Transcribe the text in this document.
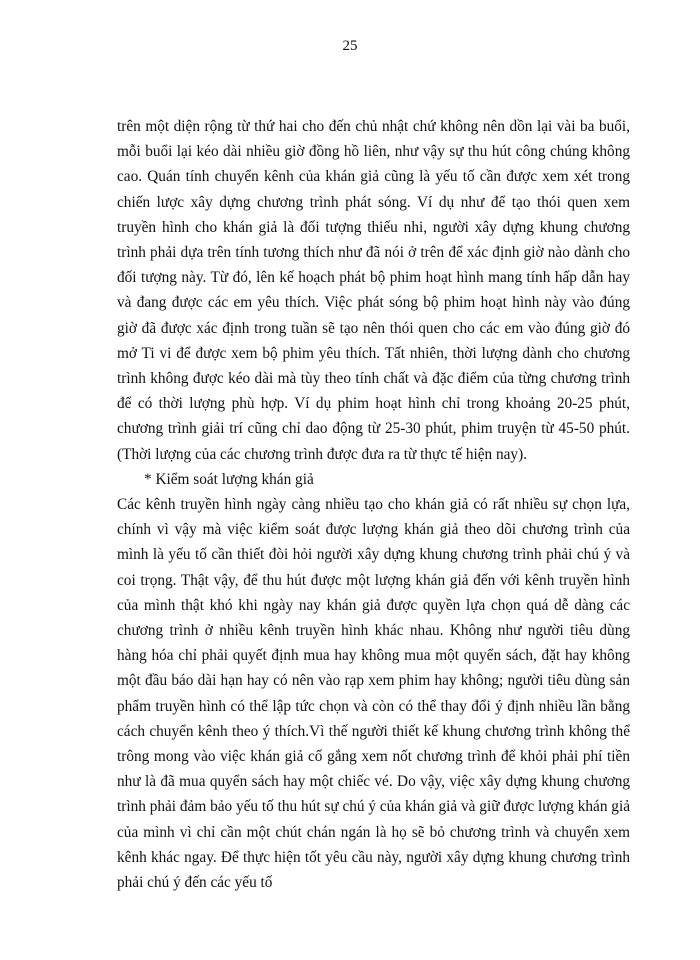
25

trên một diện rộng từ thứ hai cho đến chủ nhật chứ không nên dồn lại vài ba buổi, mỗi buổi lại kéo dài nhiều giờ đồng hồ liên, như vậy sự thu hút công chúng không cao. Quán tính chuyển kênh của khán giả cũng là yếu tố cần được xem xét trong chiến lược xây dựng chương trình phát sóng. Ví dụ như để tạo thói quen xem truyền hình cho khán giả là đối tượng thiếu nhi, người xây dựng khung chương trình phải dựa trên tính tương thích như đã nói ở trên để xác định giờ nào dành cho đối tượng này. Từ đó, lên kế hoạch phát bộ phim hoạt hình mang tính hấp dẫn hay và đang được các em yêu thích. Việc phát sóng bộ phim hoạt hình này vào đúng giờ đã được xác định trong tuần sẽ tạo nên thói quen cho các em vào đúng giờ đó mở Ti vi để được xem bộ phim yêu thích. Tất nhiên, thời lượng dành cho chương trình không được kéo dài mà tùy theo tính chất và đặc điểm của từng chương trình để có thời lượng phù hợp. Ví dụ phim hoạt hình chỉ trong khoảng 20-25 phút, chương trình giải trí cũng chỉ dao động từ 25-30 phút, phim truyện từ 45-50 phút. (Thời lượng của các chương trình được đưa ra từ thực tế hiện nay).

* Kiểm soát lượng khán giả

Các kênh truyền hình ngày càng nhiều tạo cho khán giả có rất nhiều sự chọn lựa, chính vì vậy mà việc kiểm soát được lượng khán giả theo dõi chương trình của mình là yếu tố cần thiết đòi hỏi người xây dựng khung chương trình phải chú ý và coi trọng. Thật vậy, để thu hút được một lượng khán giả đến với kênh truyền hình của mình thật khó khi ngày nay khán giả được quyền lựa chọn quá dễ dàng các chương trình ở nhiều kênh truyền hình khác nhau. Không như người tiêu dùng hàng hóa chỉ phải quyết định mua hay không mua một quyển sách, đặt hay không một đầu báo dài hạn hay có nên vào rạp xem phim hay không; người tiêu dùng sản phẩm truyền hình có thể lập tức chọn và còn có thể thay đổi ý định nhiều lần bằng cách chuyển kênh theo ý thích.Vì thế người thiết kế khung chương trình không thể trông mong vào việc khán giả cố gắng xem nốt chương trình để khỏi phải phí tiền như là đã mua quyển sách hay một chiếc vé. Do vậy, việc xây dựng khung chương trình phải đảm bảo yếu tố thu hút sự chú ý của khán giả và giữ được lượng khán giả của mình vì chỉ cần một chút chán ngán là họ sẽ bỏ chương trình và chuyển xem kênh khác ngay. Để thực hiện tốt yêu cầu này, người xây dựng khung chương trình phải chú ý đến các yếu tố
